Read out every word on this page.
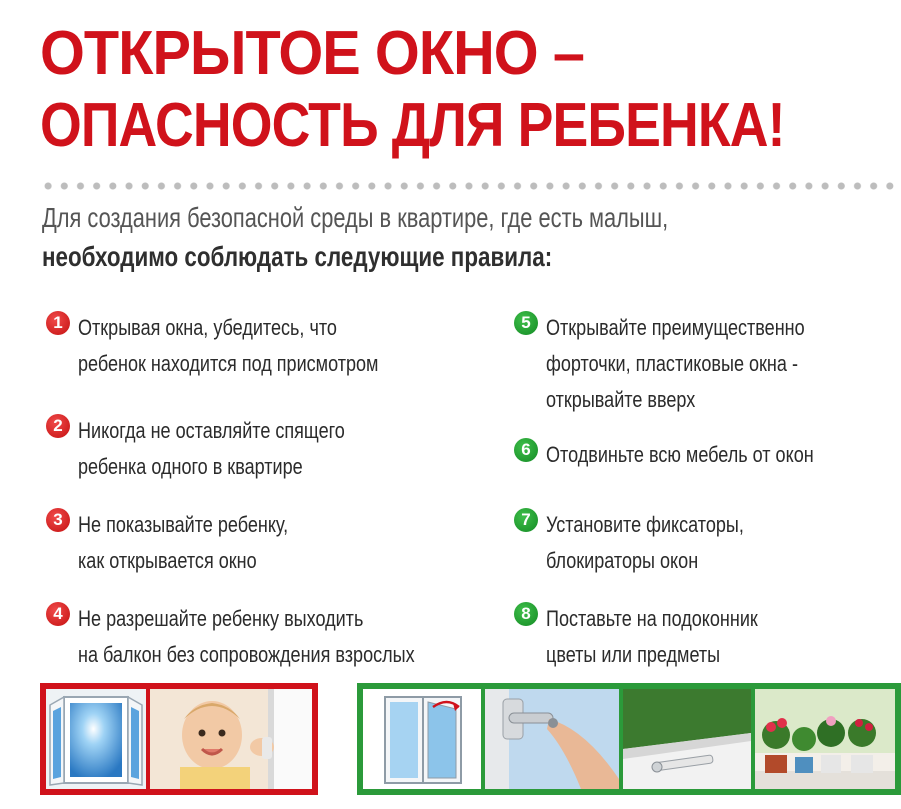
ОТКРЫТОЕ ОКНО –
ОПАСНОСТЬ ДЛЯ РЕБЕНКА!
Для создания безопасной среды в квартире, где есть малыш,
необходимо соблюдать следующие правила:
1 Открывая окна, убедитесь, что
ребенок находится под присмотром
2 Никогда не оставляйте спящего
ребенка одного в квартире
3 Не показывайте ребенку,
как открывается окно
4 Не разрешайте ребенку выходить
на балкон без сопровождения взрослых
5 Открывайте преимущественно
форточки, пластиковые окна -
открывайте вверх
6 Отодвиньте всю мебель от окон
7 Установите фиксаторы,
блокираторы окон
8 Поставьте на подоконник
цветы или предметы
